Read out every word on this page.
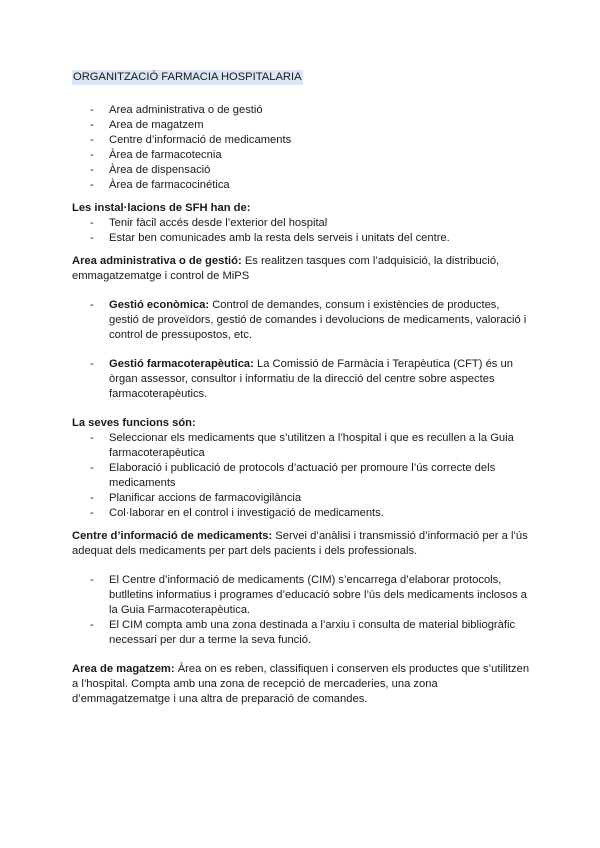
ORGANITZACIÓ FARMACIA HOSPITALARIA
- Area administrativa o de gestió
- Area de magatzem
- Centre d’informació de medicaments
- Àrea de farmacotecnia
- Àrea de dispensació
- Àrea de farmacocinética
Les instal·lacions de SFH han de:
- Tenir fàcil accés desde l’exterior del hospital
- Estar ben comunicades amb la resta dels serveis i unitats del centre.
Area administrativa o de gestió: Es realitzen tasques com l’adquisició, la distribució, emmagatzematge i control de MiPS
- Gestió econòmica: Control de demandes, consum i existències de productes, gestió de proveïdors, gestió de comandes i devolucions de medicaments, valoració i control de pressupostos, etc.
- Gestió farmacoterapèutica: La Comissió de Farmàcia i Terapèutica (CFT) és un òrgan assessor, consultor i informatiu de la direcció del centre sobre aspectes farmacoterapèutics.
La seves funcions són:
- Seleccionar els medicaments que s’utilitzen a l’hospital i que es recullen a la Guia farmacoterapèutica
- Elaboració i publicació de protocols d’actuació per promoure l’ús correcte dels medicaments
- Planificar accions de farmacovigilància
- Col·laborar en el control i investigació de medicaments.
Centre d’informació de medicaments: Servei d’anàlisi i transmissió d’informació per a l’ús adequat dels medicaments per part dels pacients i dels professionals.
- El Centre d’informació de medicaments (CIM) s’encarrega d’elaborar protocols, butlletins informatius i programes d’educació sobre l’ús dels medicaments inclosos a la Guia Farmacoterapèutica.
- El CIM compta amb una zona destinada a l’arxiu i consulta de material bibliogràfic necessari per dur a terme la seva funció.
Area de magatzem: Àrea on es reben, classifiquen i conserven els productes que s’utilitzen a l’hospital. Compta amb una zona de recepció de mercaderies, una zona d’emmagatzematge i una altra de preparació de comandes.
